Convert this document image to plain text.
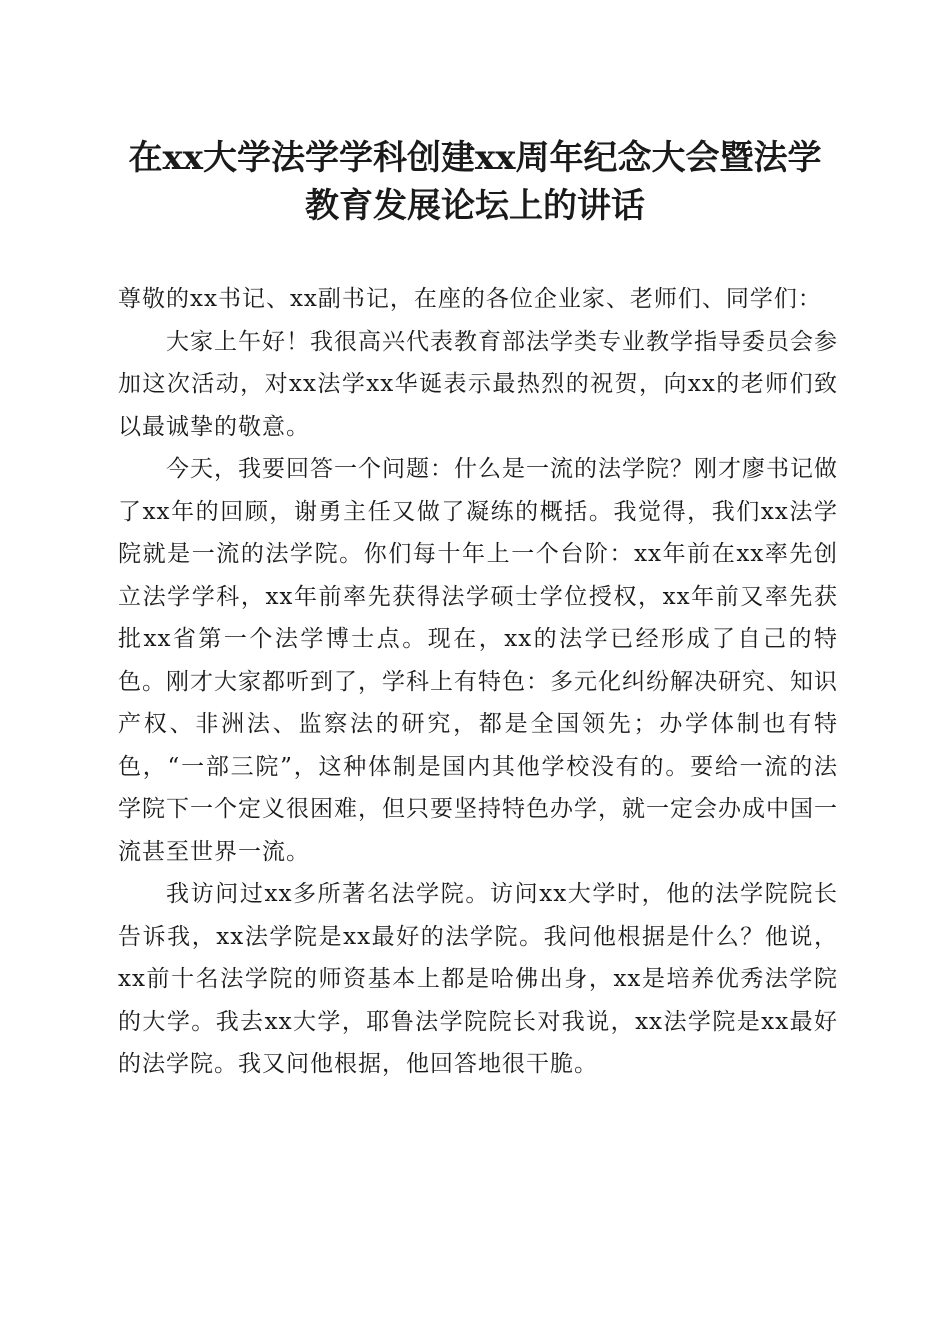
在xx大学法学学科创建xx周年纪念大会暨法学教育发展论坛上的讲话

尊敬的xx书记、xx副书记，在座的各位企业家、老师们、同学们：

大家上午好！我很高兴代表教育部法学类专业教学指导委员会参加这次活动，对xx法学xx华诞表示最热烈的祝贺，向xx的老师们致以最诚挚的敬意。

今天，我要回答一个问题：什么是一流的法学院？刚才廖书记做了xx年的回顾，谢勇主任又做了凝练的概括。我觉得，我们xx法学院就是一流的法学院。你们每十年上一个台阶：xx年前在xx率先创立法学学科，xx年前率先获得法学硕士学位授权，xx年前又率先获批xx省第一个法学博士点。现在，xx的法学已经形成了自己的特色。刚才大家都听到了，学科上有特色：多元化纠纷解决研究、知识产权、非洲法、监察法的研究，都是全国领先；办学体制也有特色，“一部三院”，这种体制是国内其他学校没有的。要给一流的法学院下一个定义很困难，但只要坚持特色办学，就一定会办成中国一流甚至世界一流。

我访问过xx多所著名法学院。访问xx大学时，他的法学院院长告诉我，xx法学院是xx最好的法学院。我问他根据是什么？他说，xx前十名法学院的师资基本上都是哈佛出身，xx是培养优秀法学院的大学。我去xx大学，耶鲁法学院院长对我说，xx法学院是xx最好的法学院。我又问他根据，他回答地很干脆。
